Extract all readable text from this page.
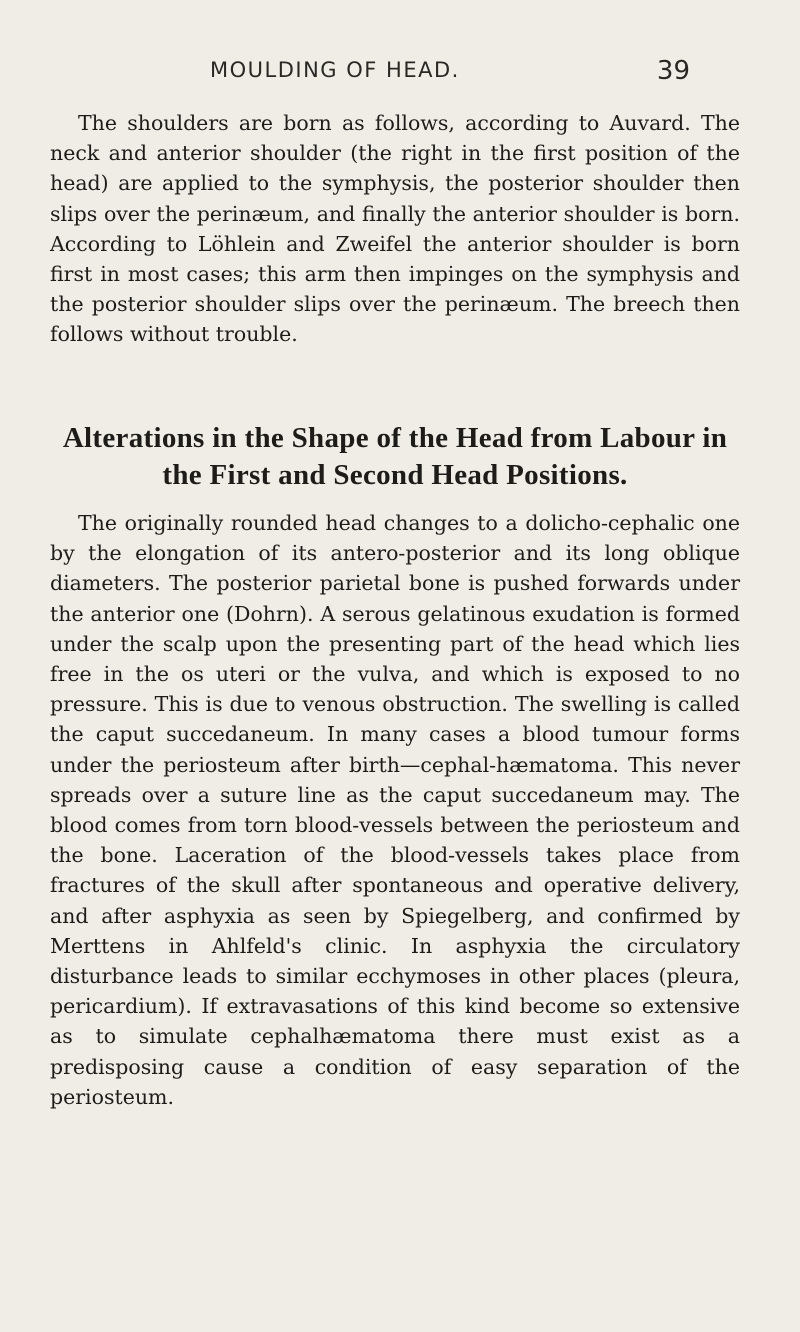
MOULDING OF HEAD.	39

The shoulders are born as follows, according to Auvard. The neck and anterior shoulder (the right in the first position of the head) are applied to the symphysis, the posterior shoulder then slips over the perinæum, and finally the anterior shoulder is born. According to Löhlein and Zweifel the anterior shoulder is born first in most cases; this arm then impinges on the symphysis and the posterior shoulder slips over the perinæum. The breech then follows without trouble.

Alterations in the Shape of the Head from Labour in the First and Second Head Positions.

The originally rounded head changes to a dolicho-cephalic one by the elongation of its antero-posterior and its long oblique diameters. The posterior parietal bone is pushed forwards under the anterior one (Dohrn). A serous gelatinous exudation is formed under the scalp upon the presenting part of the head which lies free in the os uteri or the vulva, and which is exposed to no pressure. This is due to venous obstruction. The swelling is called the caput succedaneum. In many cases a blood tumour forms under the periosteum after birth—cephal-hæmatoma. This never spreads over a suture line as the caput succedaneum may. The blood comes from torn blood-vessels between the periosteum and the bone. Laceration of the blood-vessels takes place from fractures of the skull after spontaneous and operative delivery, and after asphyxia as seen by Spiegelberg, and confirmed by Merttens in Ahlfeld's clinic. In asphyxia the circulatory disturbance leads to similar ecchymoses in other places (pleura, pericardium). If extravasations of this kind become so extensive as to simulate cephalhæmatoma there must exist as a predisposing cause a condition of easy separation of the periosteum.
